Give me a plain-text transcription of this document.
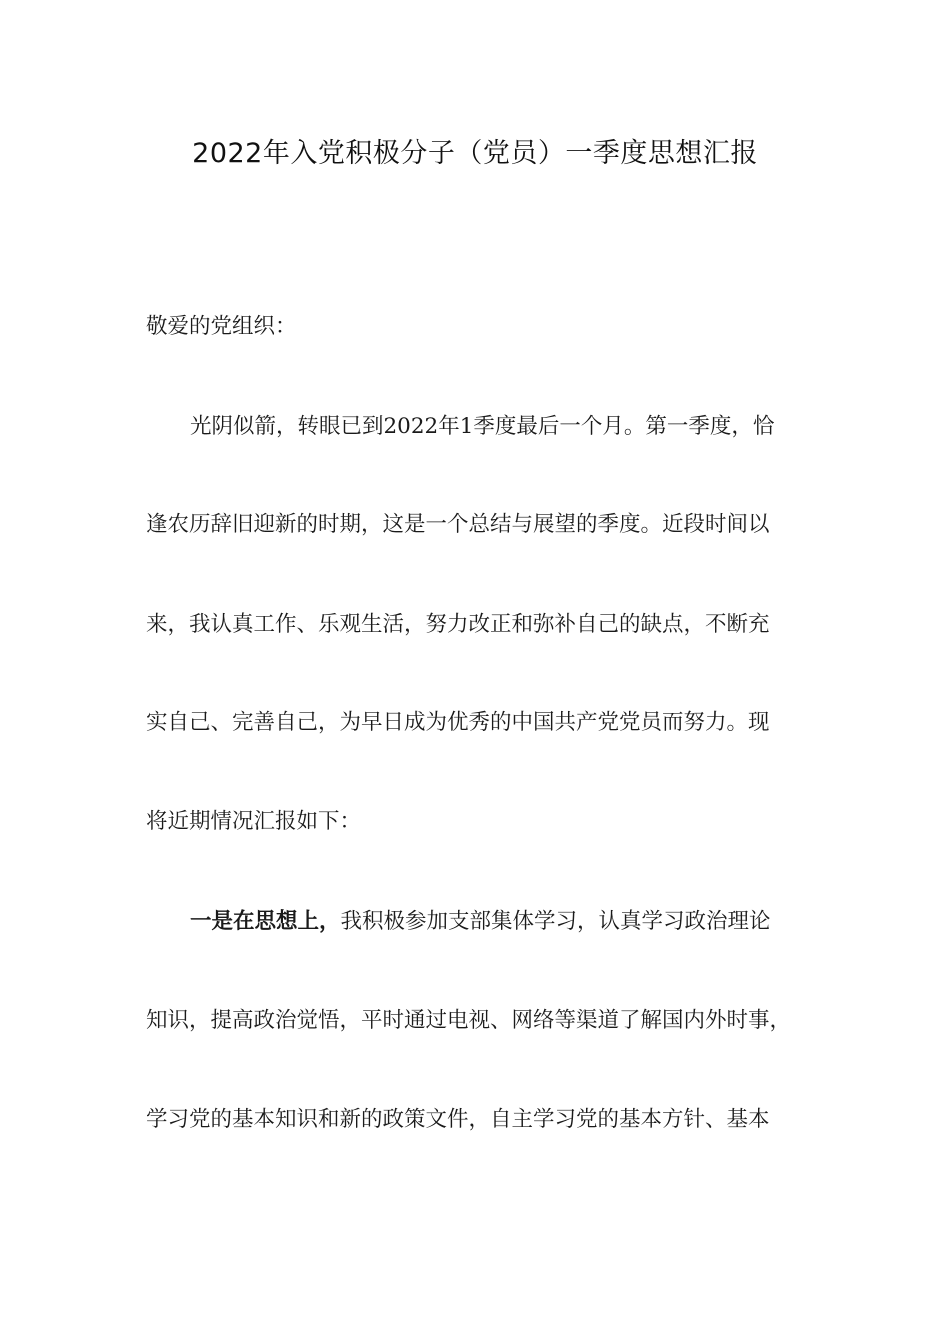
2022年入党积极分子（党员）一季度思想汇报
敬爱的党组织：
光阴似箭，转眼已到2022年1季度最后一个月。第一季度，恰
逢农历辞旧迎新的时期，这是一个总结与展望的季度。近段时间以
来，我认真工作、乐观生活，努力改正和弥补自己的缺点，不断充
实自己、完善自己，为早日成为优秀的中国共产党党员而努力。现
将近期情况汇报如下：
一是在思想上，我积极参加支部集体学习，认真学习政治理论
知识，提高政治觉悟，平时通过电视、网络等渠道了解国内外时事，
学习党的基本知识和新的政策文件，自主学习党的基本方针、基本
